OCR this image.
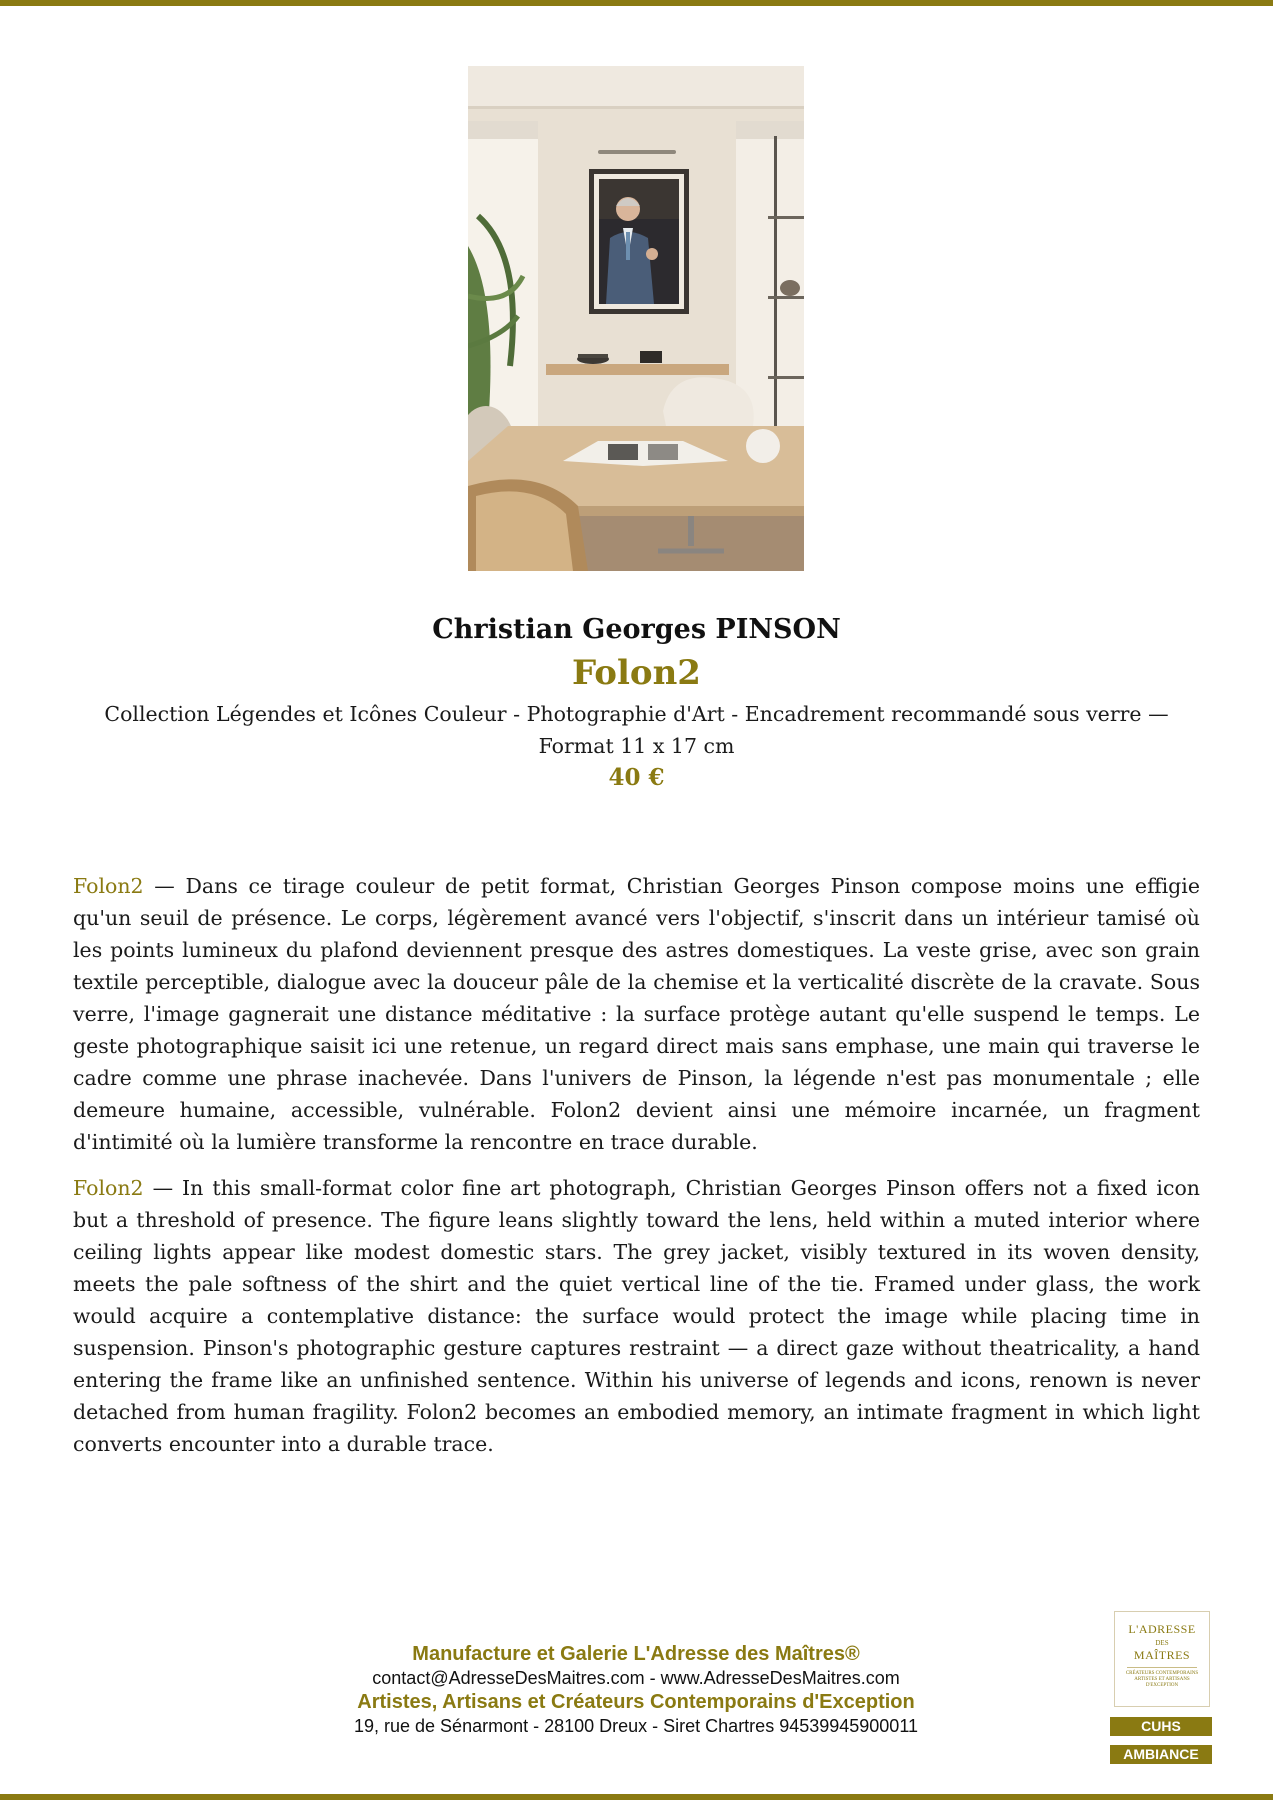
Christian Georges PINSON

Folon2

Collection Légendes et Icônes Couleur - Photographie d'Art - Encadrement recommandé sous verre — Format 11 x 17 cm

40 €

Folon2 — Dans ce tirage couleur de petit format, Christian Georges Pinson compose moins une effigie qu'un seuil de présence. Le corps, légèrement avancé vers l'objectif, s'inscrit dans un intérieur tamisé où les points lumineux du plafond deviennent presque des astres domestiques. La veste grise, avec son grain textile perceptible, dialogue avec la douceur pâle de la chemise et la verticalité discrète de la cravate. Sous verre, l'image gagnerait une distance méditative : la surface protège autant qu'elle suspend le temps. Le geste photographique saisit ici une retenue, un regard direct mais sans emphase, une main qui traverse le cadre comme une phrase inachevée. Dans l'univers de Pinson, la légende n'est pas monumentale ; elle demeure humaine, accessible, vulnérable. Folon2 devient ainsi une mémoire incarnée, un fragment d'intimité où la lumière transforme la rencontre en trace durable.

Folon2 — In this small-format color fine art photograph, Christian Georges Pinson offers not a fixed icon but a threshold of presence. The figure leans slightly toward the lens, held within a muted interior where ceiling lights appear like modest domestic stars. The grey jacket, visibly textured in its woven density, meets the pale softness of the shirt and the quiet vertical line of the tie. Framed under glass, the work would acquire a contemplative distance: the surface would protect the image while placing time in suspension. Pinson's photographic gesture captures restraint — a direct gaze without theatricality, a hand entering the frame like an unfinished sentence. Within his universe of legends and icons, renown is never detached from human fragility. Folon2 becomes an embodied memory, an intimate fragment in which light converts encounter into a durable trace.

Manufacture et Galerie L'Adresse des Maîtres®
contact@AdresseDesMaitres.com - www.AdresseDesMaitres.com
Artistes, Artisans et Créateurs Contemporains d'Exception
19, rue de Sénarmont - 28100 Dreux - Siret Chartres 94539945900011
L'ADRESSE
DES
MAÎTRES
CRÉATEURS CONTEMPORAINS ARTISTES ET ARTISANS D'EXCEPTION
CUHS
AMBIANCE
